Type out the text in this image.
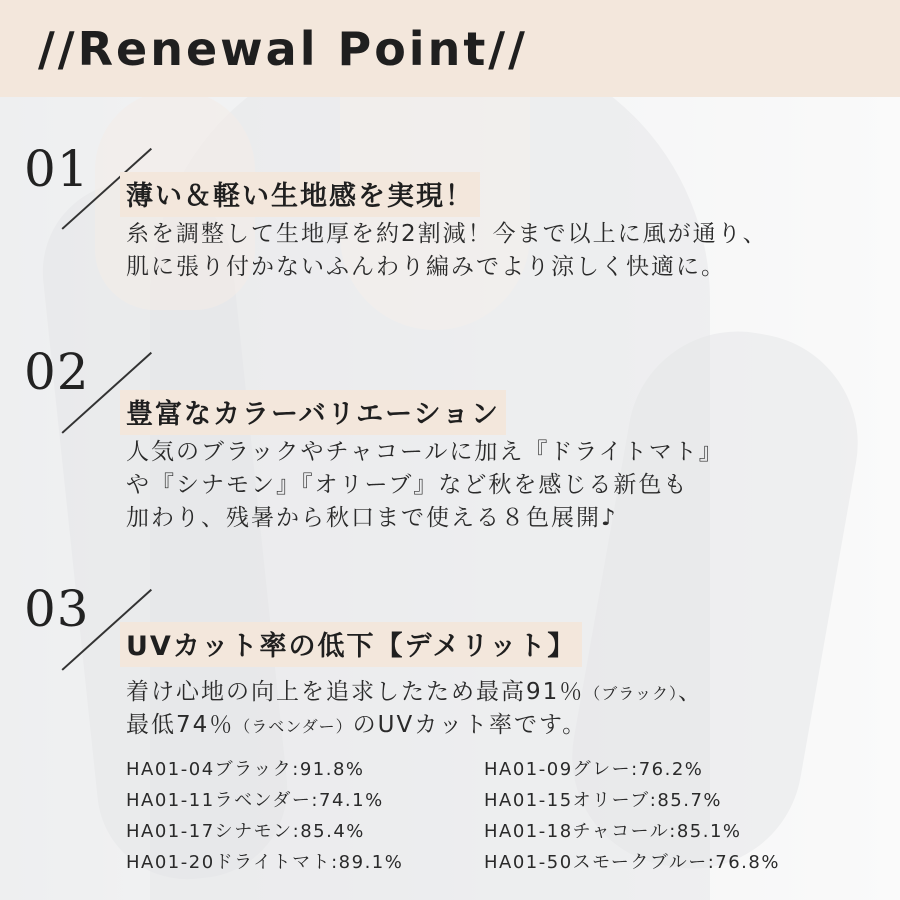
//Renewal Point//
01 薄い＆軽い生地感を実現！
糸を調整して生地厚を約2割減！今まで以上に風が通り、
肌に張り付かないふんわり編みでより涼しく快適に。
02
豊富なカラーバリエーション
人気のブラックやチャコールに加え『ドライトマト』
や『シナモン』『オリーブ』など秋を感じる新色も
加わり、残暑から秋口まで使える８色展開♪
03
UVカット率の低下【デメリット】
着け心地の向上を追求したため最高91％（ブラック）、
最低74％（ラベンダー）のUVカット率です。
HA01-04ブラック:91.8%	HA01-09グレー:76.2%
HA01-11ラベンダー:74.1%	HA01-15オリーブ:85.7%
HA01-17シナモン:85.4%	HA01-18チャコール:85.1%
HA01-20ドライトマト:89.1%	HA01-50スモークブルー:76.8%
